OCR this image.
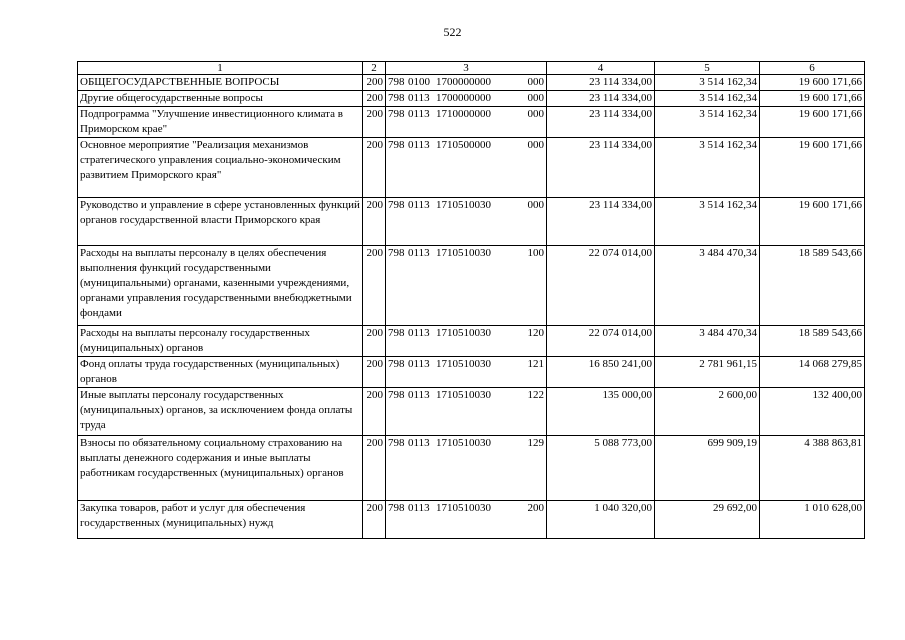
522
1	2	3	4	5	6
ОБЩЕГОСУДАРСТВЕННЫЕ ВОПРОСЫ	200	798 0100 1700000000 000	23 114 334,00	3 514 162,34	19 600 171,66
Другие общегосударственные вопросы	200	798 0113 1700000000 000	23 114 334,00	3 514 162,34	19 600 171,66
Подпрограмма "Улучшение инвестиционного климата в Приморском крае"	200	798 0113 1710000000 000	23 114 334,00	3 514 162,34	19 600 171,66
Основное мероприятие "Реализация механизмов стратегического управления социально-экономическим развитием Приморского края"	200	798 0113 1710500000 000	23 114 334,00	3 514 162,34	19 600 171,66
Руководство и управление в сфере установленных функций органов государственной власти Приморского края	200	798 0113 1710510030 000	23 114 334,00	3 514 162,34	19 600 171,66
Расходы на выплаты персоналу в целях обеспечения выполнения функций государственными (муниципальными) органами, казенными учреждениями, органами управления государственными внебюджетными фондами	200	798 0113 1710510030 100	22 074 014,00	3 484 470,34	18 589 543,66
Расходы на выплаты персоналу государственных (муниципальных) органов	200	798 0113 1710510030 120	22 074 014,00	3 484 470,34	18 589 543,66
Фонд оплаты труда государственных (муниципальных) органов	200	798 0113 1710510030 121	16 850 241,00	2 781 961,15	14 068 279,85
Иные выплаты персоналу государственных (муниципальных) органов, за исключением фонда оплаты труда	200	798 0113 1710510030 122	135 000,00	2 600,00	132 400,00
Взносы по обязательному социальному страхованию на выплаты денежного содержания и иные выплаты работникам государственных (муниципальных) органов	200	798 0113 1710510030 129	5 088 773,00	699 909,19	4 388 863,81
Закупка товаров, работ и услуг для обеспечения государственных (муниципальных) нужд	200	798 0113 1710510030 200	1 040 320,00	29 692,00	1 010 628,00
